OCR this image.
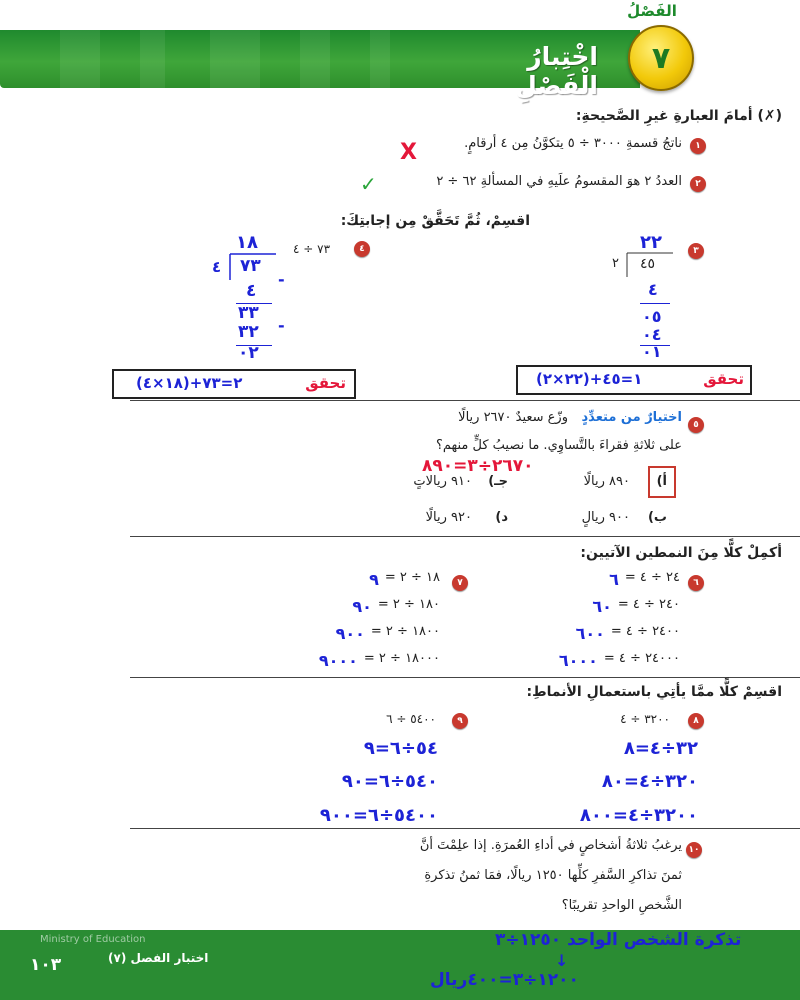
الفَصْلُ
اخْتِبارُ الْفَصْلِ
٧
(✗) أمامَ العبارةِ غيرِ الصَّحيحةِ:
١
ناتجُ قسمةِ ٣٠٠٠ ÷ ٥ يتكوَّنُ مِن ٤ أرقامٍ.
X
٢
العددُ ٢ هوَ المقسومُ علَيهِ في المسألةِ ٦٢ ÷ ٢
✓
اقسِمْ، ثُمَّ تَحَقَّقْ مِن إجابتِكَ:
٣
٢٢
٢ ٤٥
٤
٠٥
٠٤
٠١
تحقق
(٢٢×٢)+١=٤٥
٤
٧٣ ÷ ٤
١٨
٤ ٧٣
-
٤
٣٣
٣٢ -
٠٢
تحقق
(١٨×٤)+٢=٧٣
٥
اختيارٌ من متعدِّدٍ
وزّع سعيدٌ ٢٦٧٠ ريالًا
على ثلاثةِ فقراءَ بالتَّساوِي. ما نصيبُ كلٍّ منهم؟
٢٦٧٠÷٣=٨٩٠
أ)
٨٩٠ ريالًا
جـ)
٩١٠ ريالاتٍ
ب)
٩٠٠ ريالٍ
د)
٩٢٠ ريالًا
أكمِلْ كلًّا مِنَ النمطين الآتيين:
٦
٧	٢٤ ÷ ٤ =
٦
٢٤٠ ÷ ٤ =
٦٠
٢٤٠٠ ÷ ٤ =
٦٠٠
٢٤٠٠٠ ÷ ٤ =
٦٠٠٠
١٨ ÷ ٢ =
٩
١٨٠ ÷ ٢ =
٩٠
١٨٠٠ ÷ ٢ =
٩٠٠
١٨٠٠٠ ÷ ٢ =
٩٠٠٠
اقسِمْ كلًّا ممَّا يأتِي باستعمالِ الأنماطِ:
٨
٣٢٠٠ ÷ ٤
٩
٥٤٠٠ ÷ ٦
٣٢÷٤=٨
٣٢٠÷٤=٨٠
٣٢٠٠÷٤=٨٠٠
٥٤÷٦=٩
٥٤٠÷٦=٩٠
٥٤٠٠÷٦=٩٠٠
١٠
يرغبُ ثلاثةُ أشخاصٍ في أداءِ العُمرَةِ. إذا علِمْتَ أنَّ
ثمنَ تذاكرِ السَّفرِ كلِّها ١٢٥٠ ريالًا، فمَا ثمنُ تذكرةِ
الشَّخصِ الواحدِ تقريبًا؟
Ministry of Education
اختبار الفصل (٧)
١٠٣
تذكرة الشخص الواحد ١٢٥٠÷٣
↓
١٢٠٠÷٣=٤٠٠ريال
